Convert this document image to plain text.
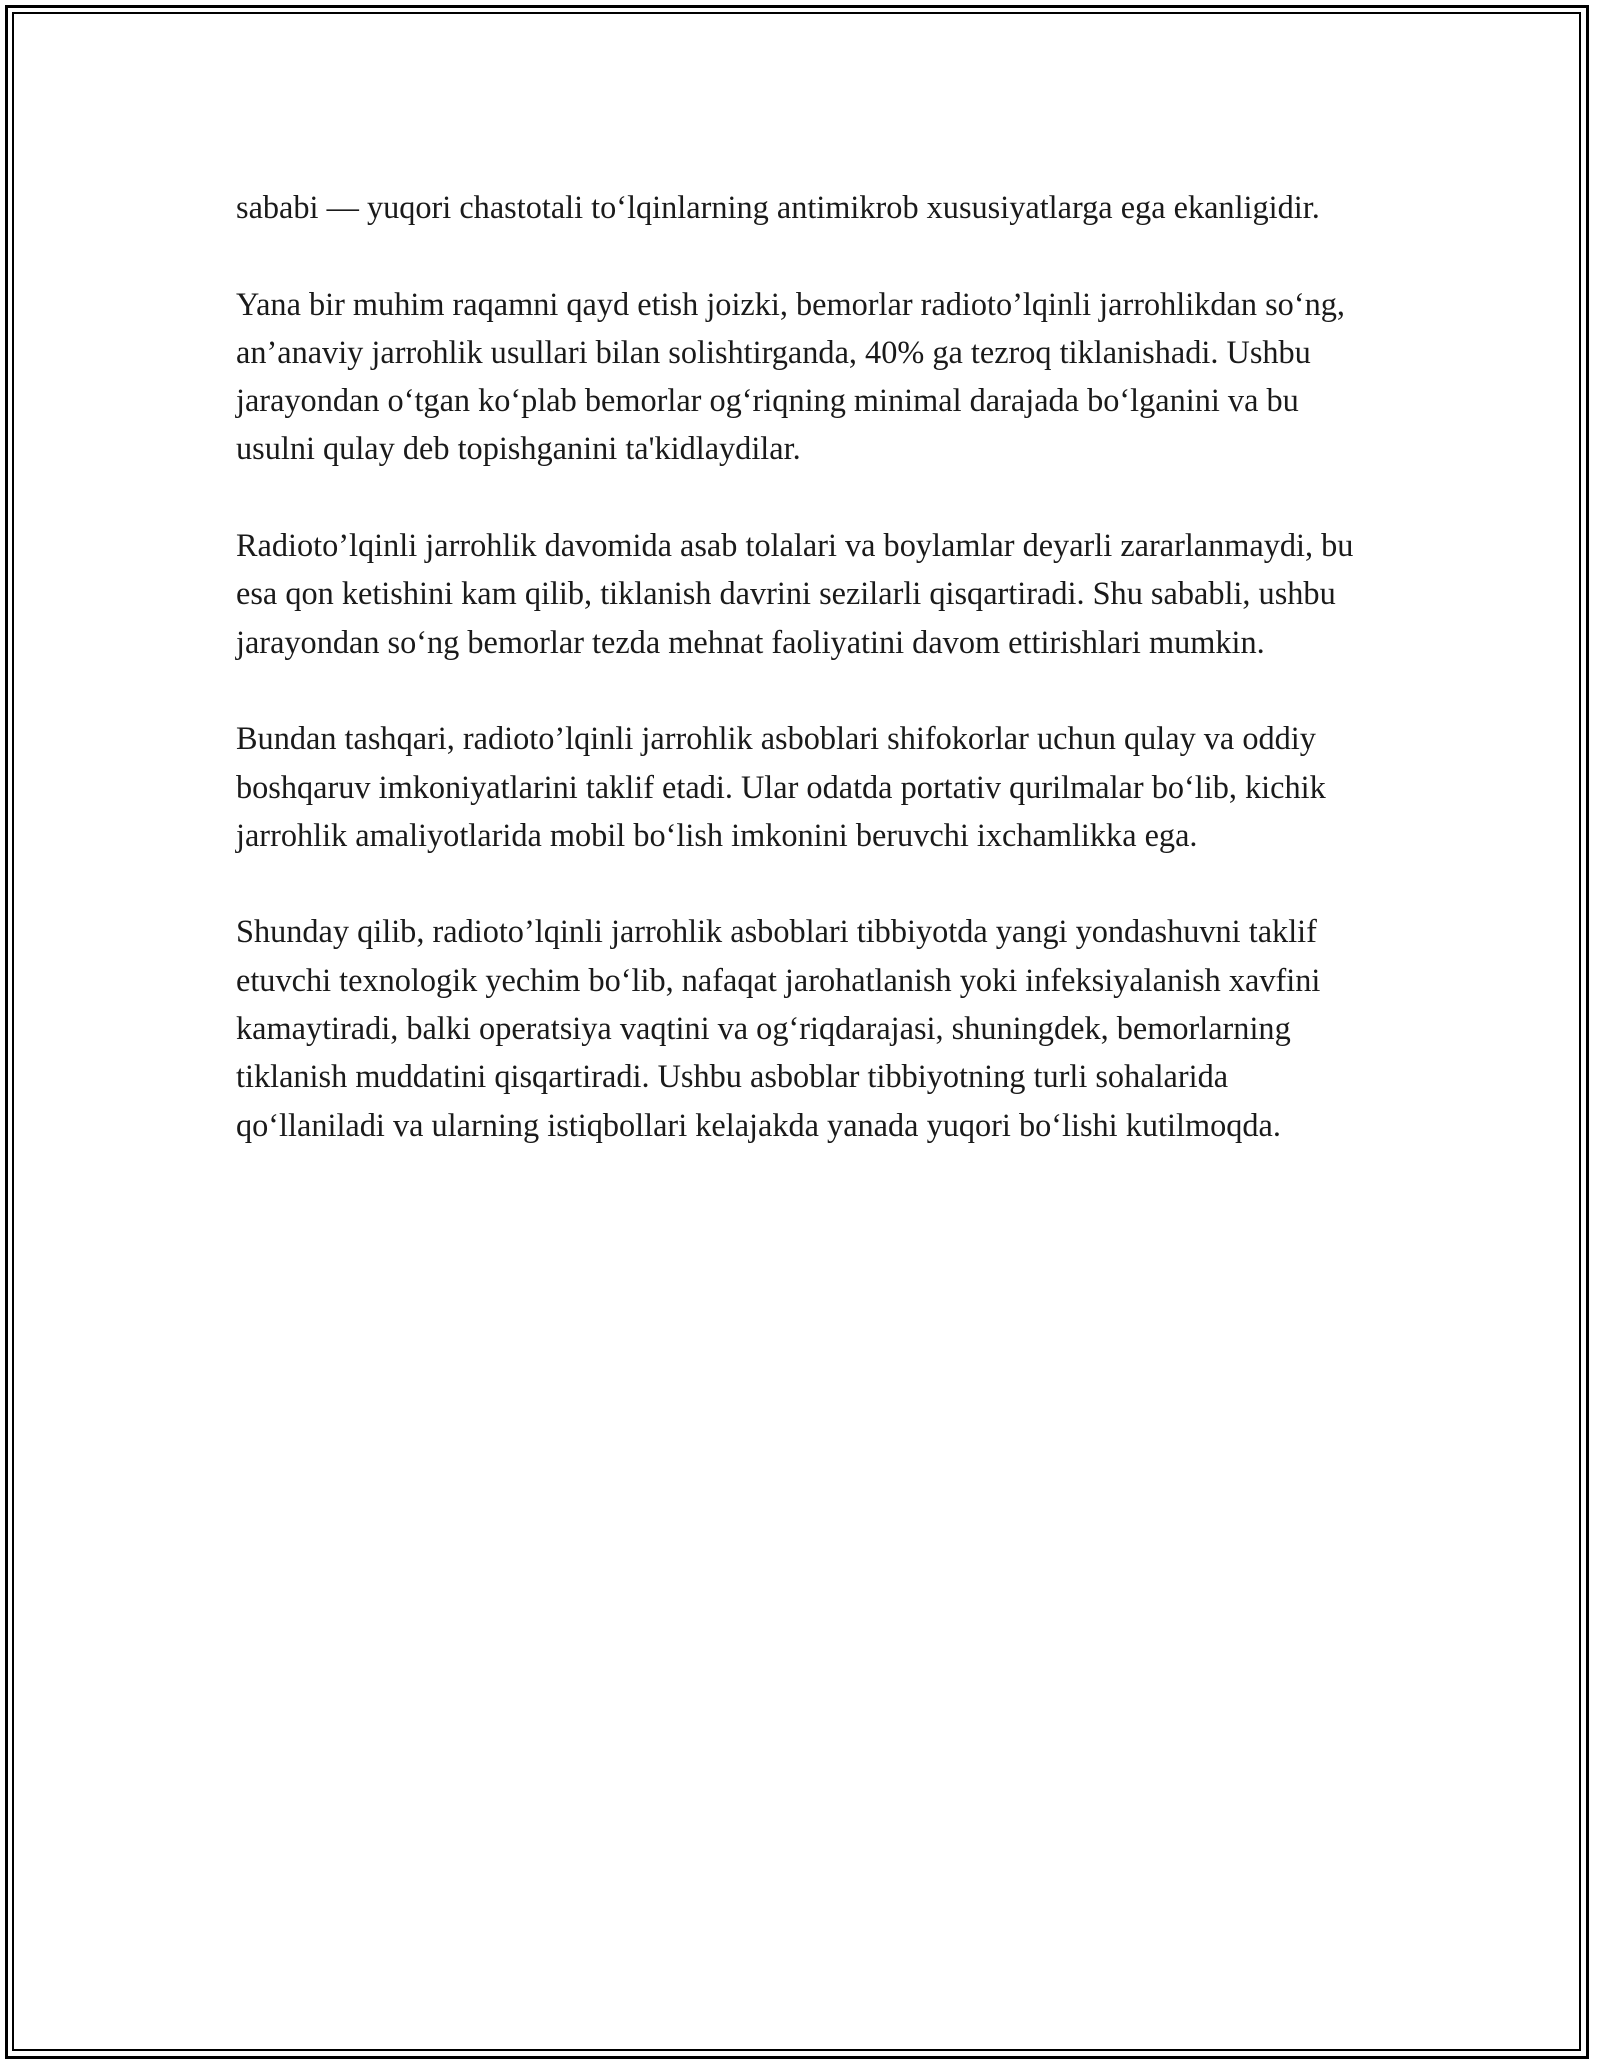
sababi — yuqori chastotali to‘lqinlarning antimikrob xususiyatlarga ega ekanligidir.

Yana bir muhim raqamni qayd etish joizki, bemorlar radioto’lqinli jarrohlikdan so‘ng, an’anaviy jarrohlik usullari bilan solishtirganda, 40% ga tezroq tiklanishadi. Ushbu jarayondan o‘tgan ko‘plab bemorlar og‘riqning minimal darajada bo‘lganini va bu usulni qulay deb topishganini ta'kidlaydilar.

Radioto’lqinli jarrohlik davomida asab tolalari va boylamlar deyarli zararlanmaydi, bu esa qon ketishini kam qilib, tiklanish davrini sezilarli qisqartiradi. Shu sababli, ushbu jarayondan so‘ng bemorlar tezda mehnat faoliyatini davom ettirishlari mumkin.

Bundan tashqari, radioto’lqinli jarrohlik asboblari shifokorlar uchun qulay va oddiy boshqaruv imkoniyatlarini taklif etadi. Ular odatda portativ qurilmalar bo‘lib, kichik jarrohlik amaliyotlarida mobil bo‘lish imkonini beruvchi ixchamlikka ega.

Shunday qilib, radioto’lqinli jarrohlik asboblari tibbiyotda yangi yondashuvni taklif etuvchi texnologik yechim bo‘lib, nafaqat jarohatlanish yoki infeksiyalanish xavfini kamaytiradi, balki operatsiya vaqtini va og‘riqdarajasi, shuningdek, bemorlarning tiklanish muddatini qisqartiradi. Ushbu asboblar tibbiyotning turli sohalarida qo‘llaniladi va ularning istiqbollari kelajakda yanada yuqori bo‘lishi kutilmoqda.
